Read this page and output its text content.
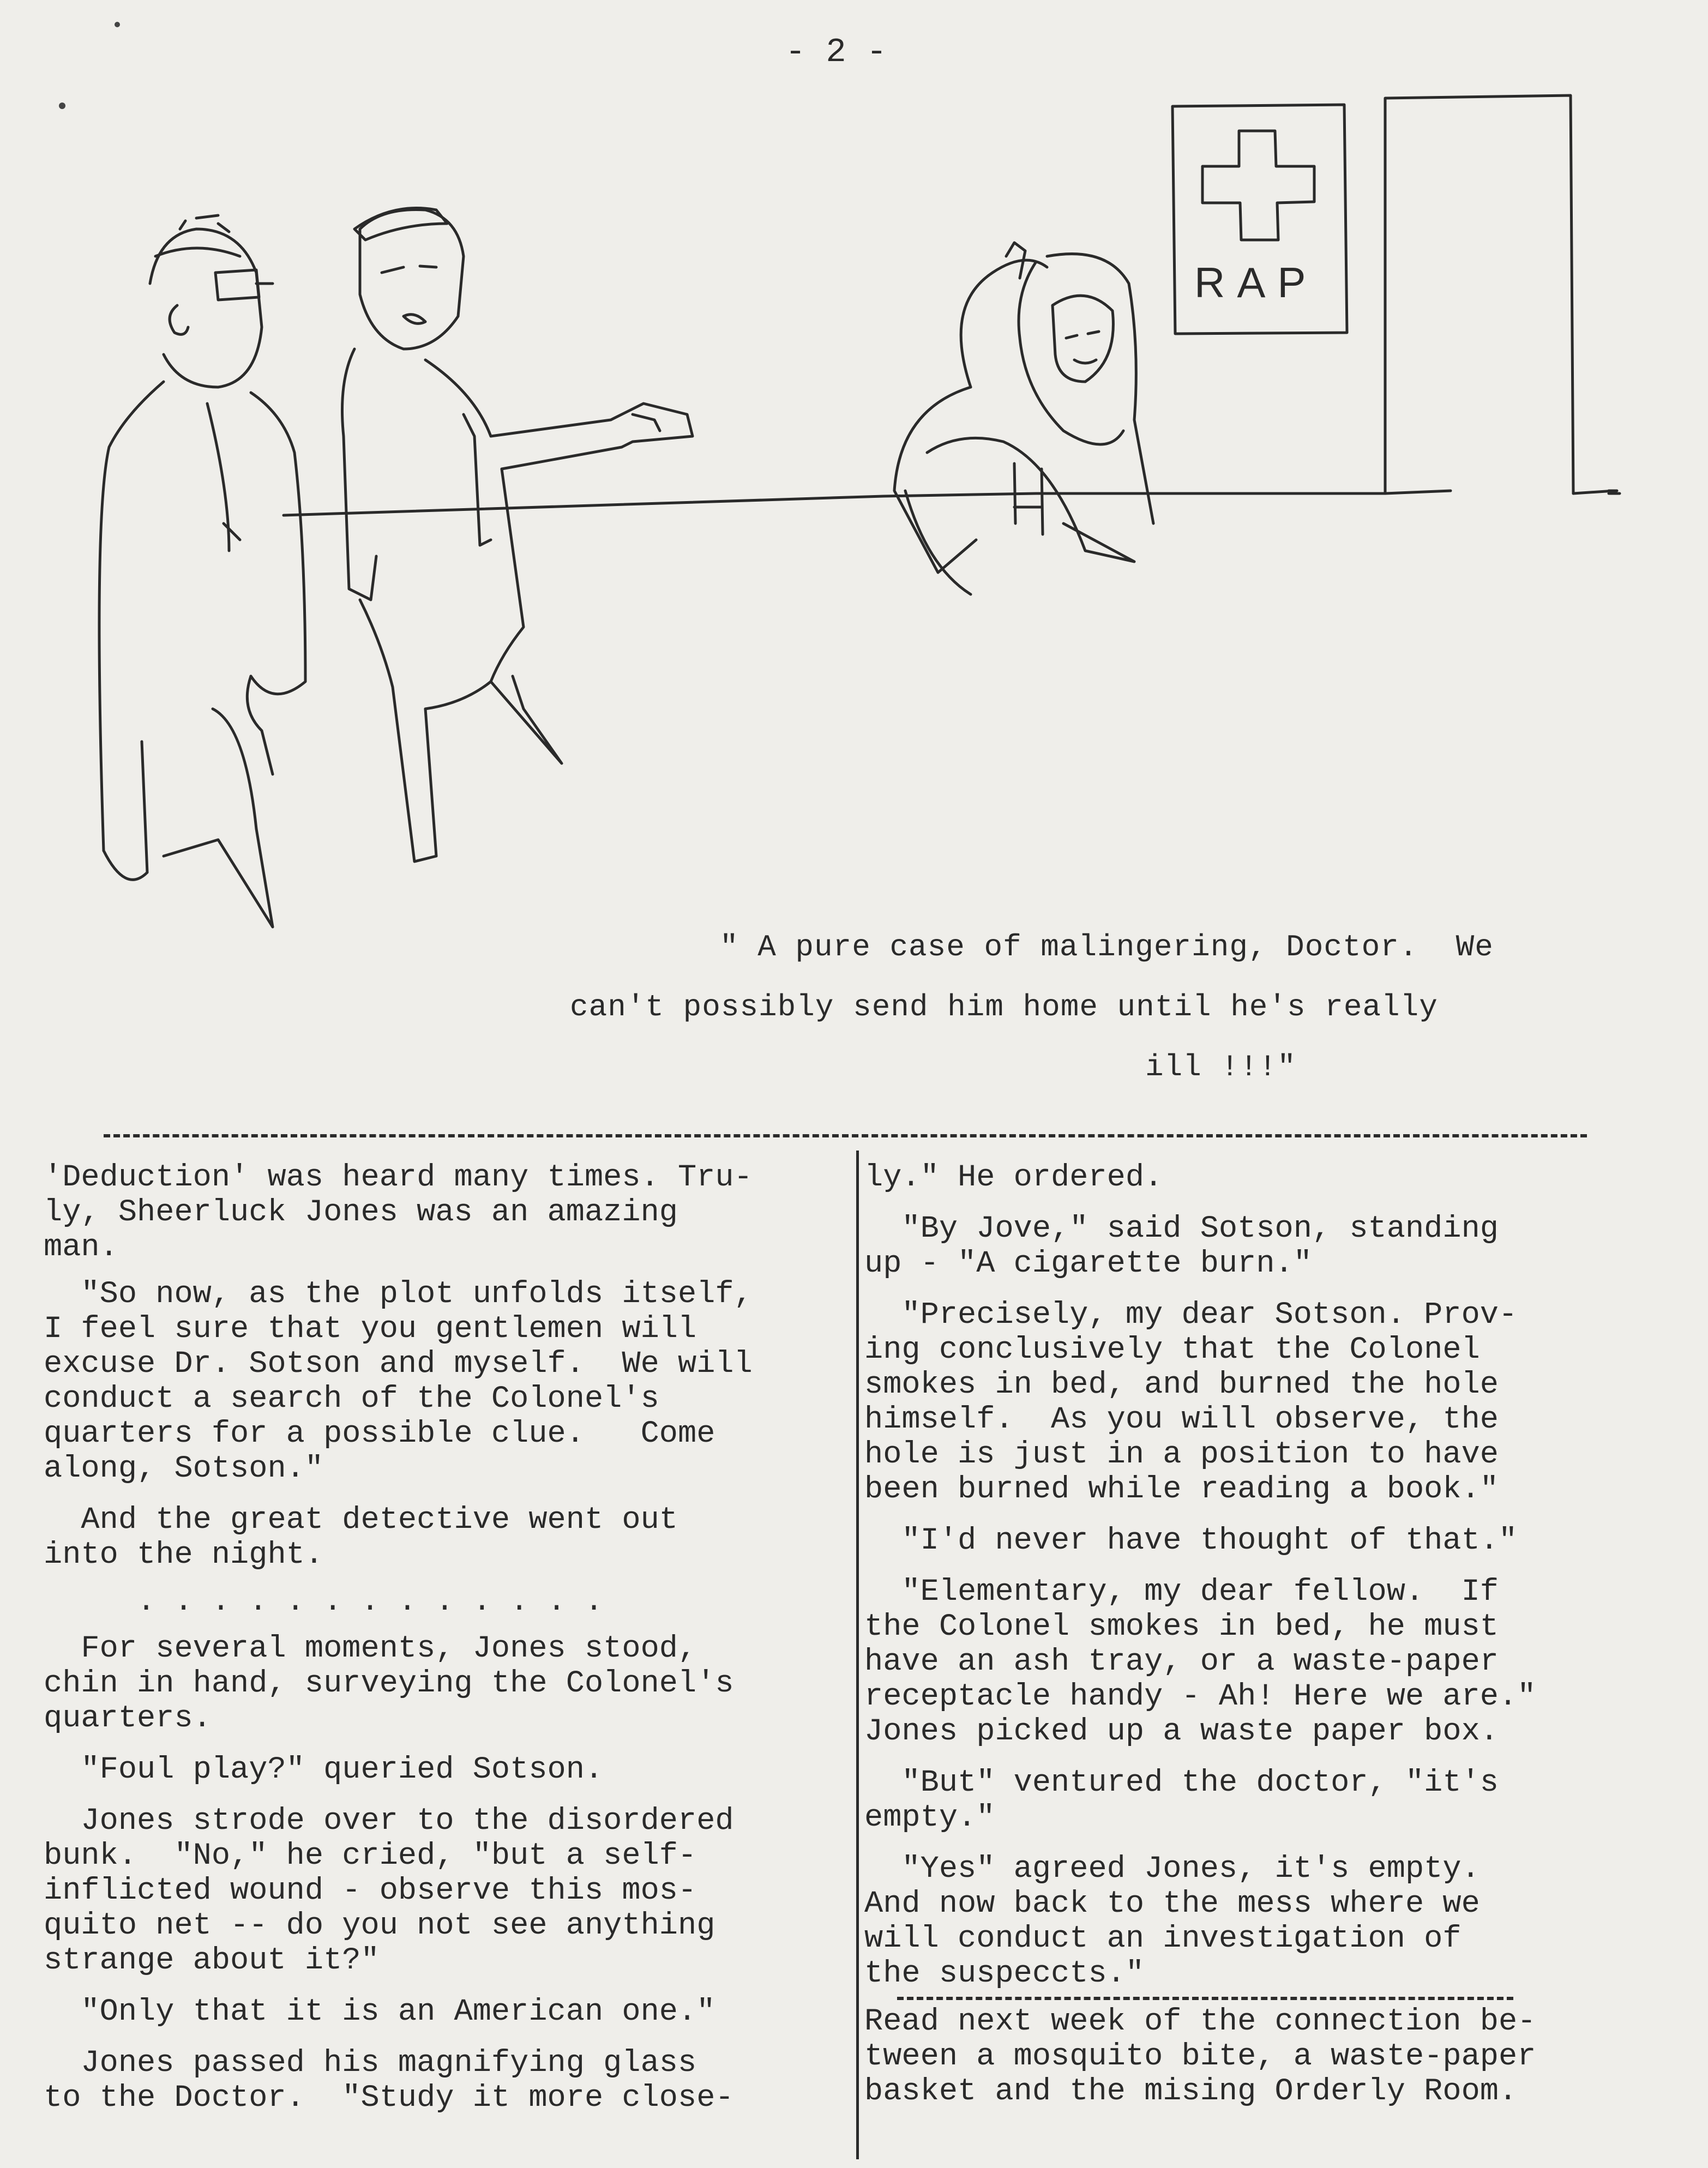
- 2 -
RAP
" A pure case of malingering, Doctor.  We
can't possibly send him home until he's really
ill !!!"

'Deduction' was heard many times. Tru-

ly, Sheerluck Jones was an amazing

man.

"So now, as the plot unfolds itself,

I feel sure that you gentlemen will

excuse Dr. Sotson and myself.  We will

conduct a search of the Colonel's

quarters for a possible clue.   Come

along, Sotson."

And the great detective went out

into the night.

. . . . . . . . . . . . .

For several moments, Jones stood,

chin in hand, surveying the Colonel's

quarters.

"Foul play?" queried Sotson.

Jones strode over to the disordered

bunk.  "No," he cried, "but a self-

inflicted wound - observe this mos-

quito net -- do you not see anything

strange about it?"

"Only that it is an American one."

Jones passed his magnifying glass

to the Doctor.  "Study it more close-

ly." He ordered.

"By Jove," said Sotson, standing

up - "A cigarette burn."

"Precisely, my dear Sotson. Prov-

ing conclusively that the Colonel

smokes in bed, and burned the hole

himself.  As you will observe, the

hole is just in a position to have

been burned while reading a book."

"I'd never have thought of that."

"Elementary, my dear fellow.  If

the Colonel smokes in bed, he must

have an ash tray, or a waste-paper

receptacle handy - Ah! Here we are."

Jones picked up a waste paper box.

"But" ventured the doctor, "it's

empty."

"Yes" agreed Jones, it's empty.

And now back to the mess where we

will conduct an investigation of

the suspeccts."

Read next week of the connection be-

tween a mosquito bite, a waste-paper

basket and the mising Orderly Room.
